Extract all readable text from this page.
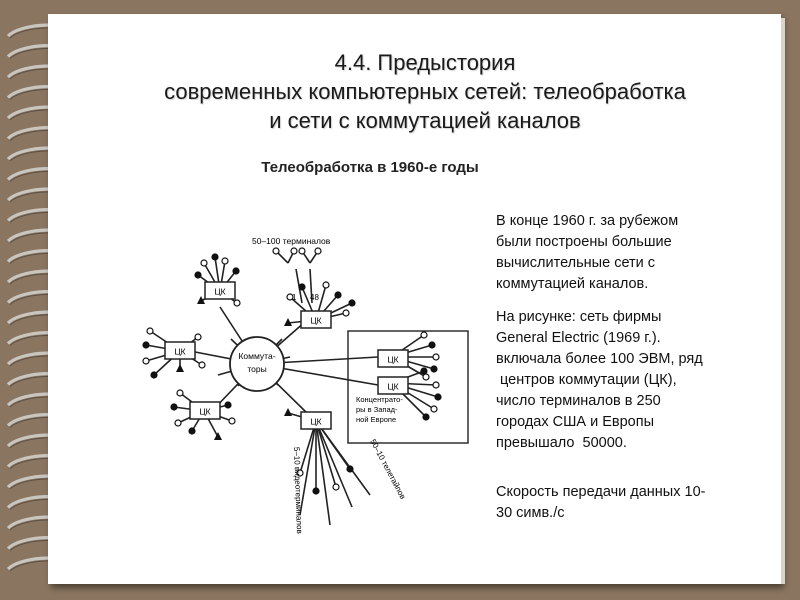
4.4. Предыстория
современных компьютерных сетей: телеобработка
и сети с коммутацией каналов
Телеобработка в 1960-е годы
В конце 1960 г. за рубежом
были построены большие
вычислительные сети с
коммутацией каналов.
На рисунке: сеть фирмы
General Electric (1969 г.).
включала более 100 ЭВМ, ряд
центров коммутации (ЦК),
число терминалов в 250
городах США и Европы
превышало  50000.
Скорость передачи данных 10-
30 симв./с
Коммута-
торы
ЦК
ЦК
ЦК
ЦК
ЦК
ЦК
ЦК
50–100 терминалов
1 48
Концентрато-
ры в Запад-
ной Европе
50–10 телетайпов
5–10 видеотерминалов
